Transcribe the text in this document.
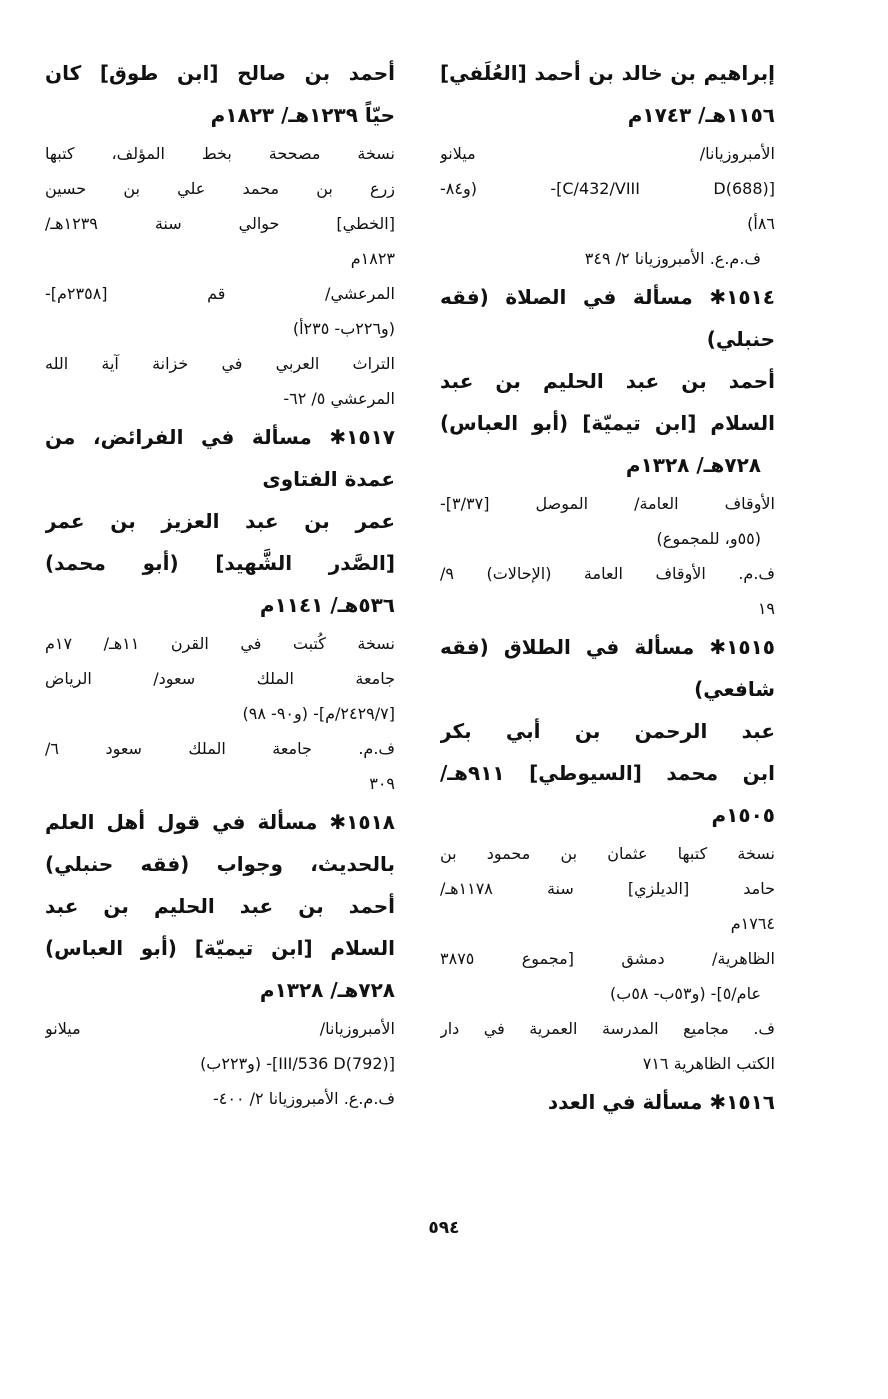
إبراهيم بن خالد بن أحمد [العُلَفي]
١١٥٦هـ/ ١٧٤٣م
الأمبروزيانا/ ميلانو
[C/432/VIII D(688)]- (و٨٤-
٨٦أ)
ف.م.ع. الأمبروزيانا ٢/ ٣٤٩
١٥١٤✱ مسألة في الصلاة (فقه
حنبلي)
أحمد بن عبد الحليم بن عبد
السلام [ابن تيميّة] (أبو العباس)
٧٢٨هـ/ ١٣٢٨م
الأوقاف العامة/ الموصل [٣/٣٧]-
(٥٥و، للمجموع)
ف.م. الأوقاف العامة (الإحالات) ٩/
١٩
١٥١٥✱ مسألة في الطلاق (فقه
شافعي)
عبد الرحمن بن أبي بكر
ابن محمد [السيوطي] ٩١١هـ/
١٥٠٥م
نسخة كتبها عثمان بن محمود بن
حامد [الديلزي] سنة ١١٧٨هـ/
١٧٦٤م
الظاهرية/ دمشق [مجموع ٣٨٧٥
عام/٥]- (و٥٣ب- ٥٨ب)
ف. مجاميع المدرسة العمرية في دار
الكتب الظاهرية ٧١٦
١٥١٦✱ مسألة في العدد
أحمد بن صالح [ابن طوق] كان
حيّاً ١٢٣٩هـ/ ١٨٢٣م
نسخة مصححة بخط المؤلف، كتبها
زرع بن محمد علي بن حسين
[الخطي] حوالي سنة ١٢٣٩هـ/
١٨٢٣م
المرعشي/ قم [٢٣٥٨م]-
(و٢٢٦ب- ٢٣٥أ)
التراث العربي في خزانة آية الله
المرعشي ٥/ ٦٢-
١٥١٧✱ مسألة في الفرائض، من
عمدة الفتاوى
عمر بن عبد العزيز بن عمر
[الصَّدر الشَّهيد] (أبو محمد)
٥٣٦هـ/ ١١٤١م
نسخة كُتبت في القرن ١١هـ/ ١٧م
جامعة الملك سعود/ الرياض
[٢٤٢٩/٧/م]- (و٩٠- ٩٨)
ف.م. جامعة الملك سعود ٦/
٣٠٩
١٥١٨✱ مسألة في قول أهل العلم
بالحديث، وجواب (فقه حنبلي)
أحمد بن عبد الحليم بن عبد
السلام [ابن تيميّة] (أبو العباس)
٧٢٨هـ/ ١٣٢٨م
الأمبروزيانا/ ميلانو
[III/536 D(792)]- (و٢٢٣ب)
ف.م.ع. الأمبروزيانا ٢/ ٤٠٠-
٥٩٤
